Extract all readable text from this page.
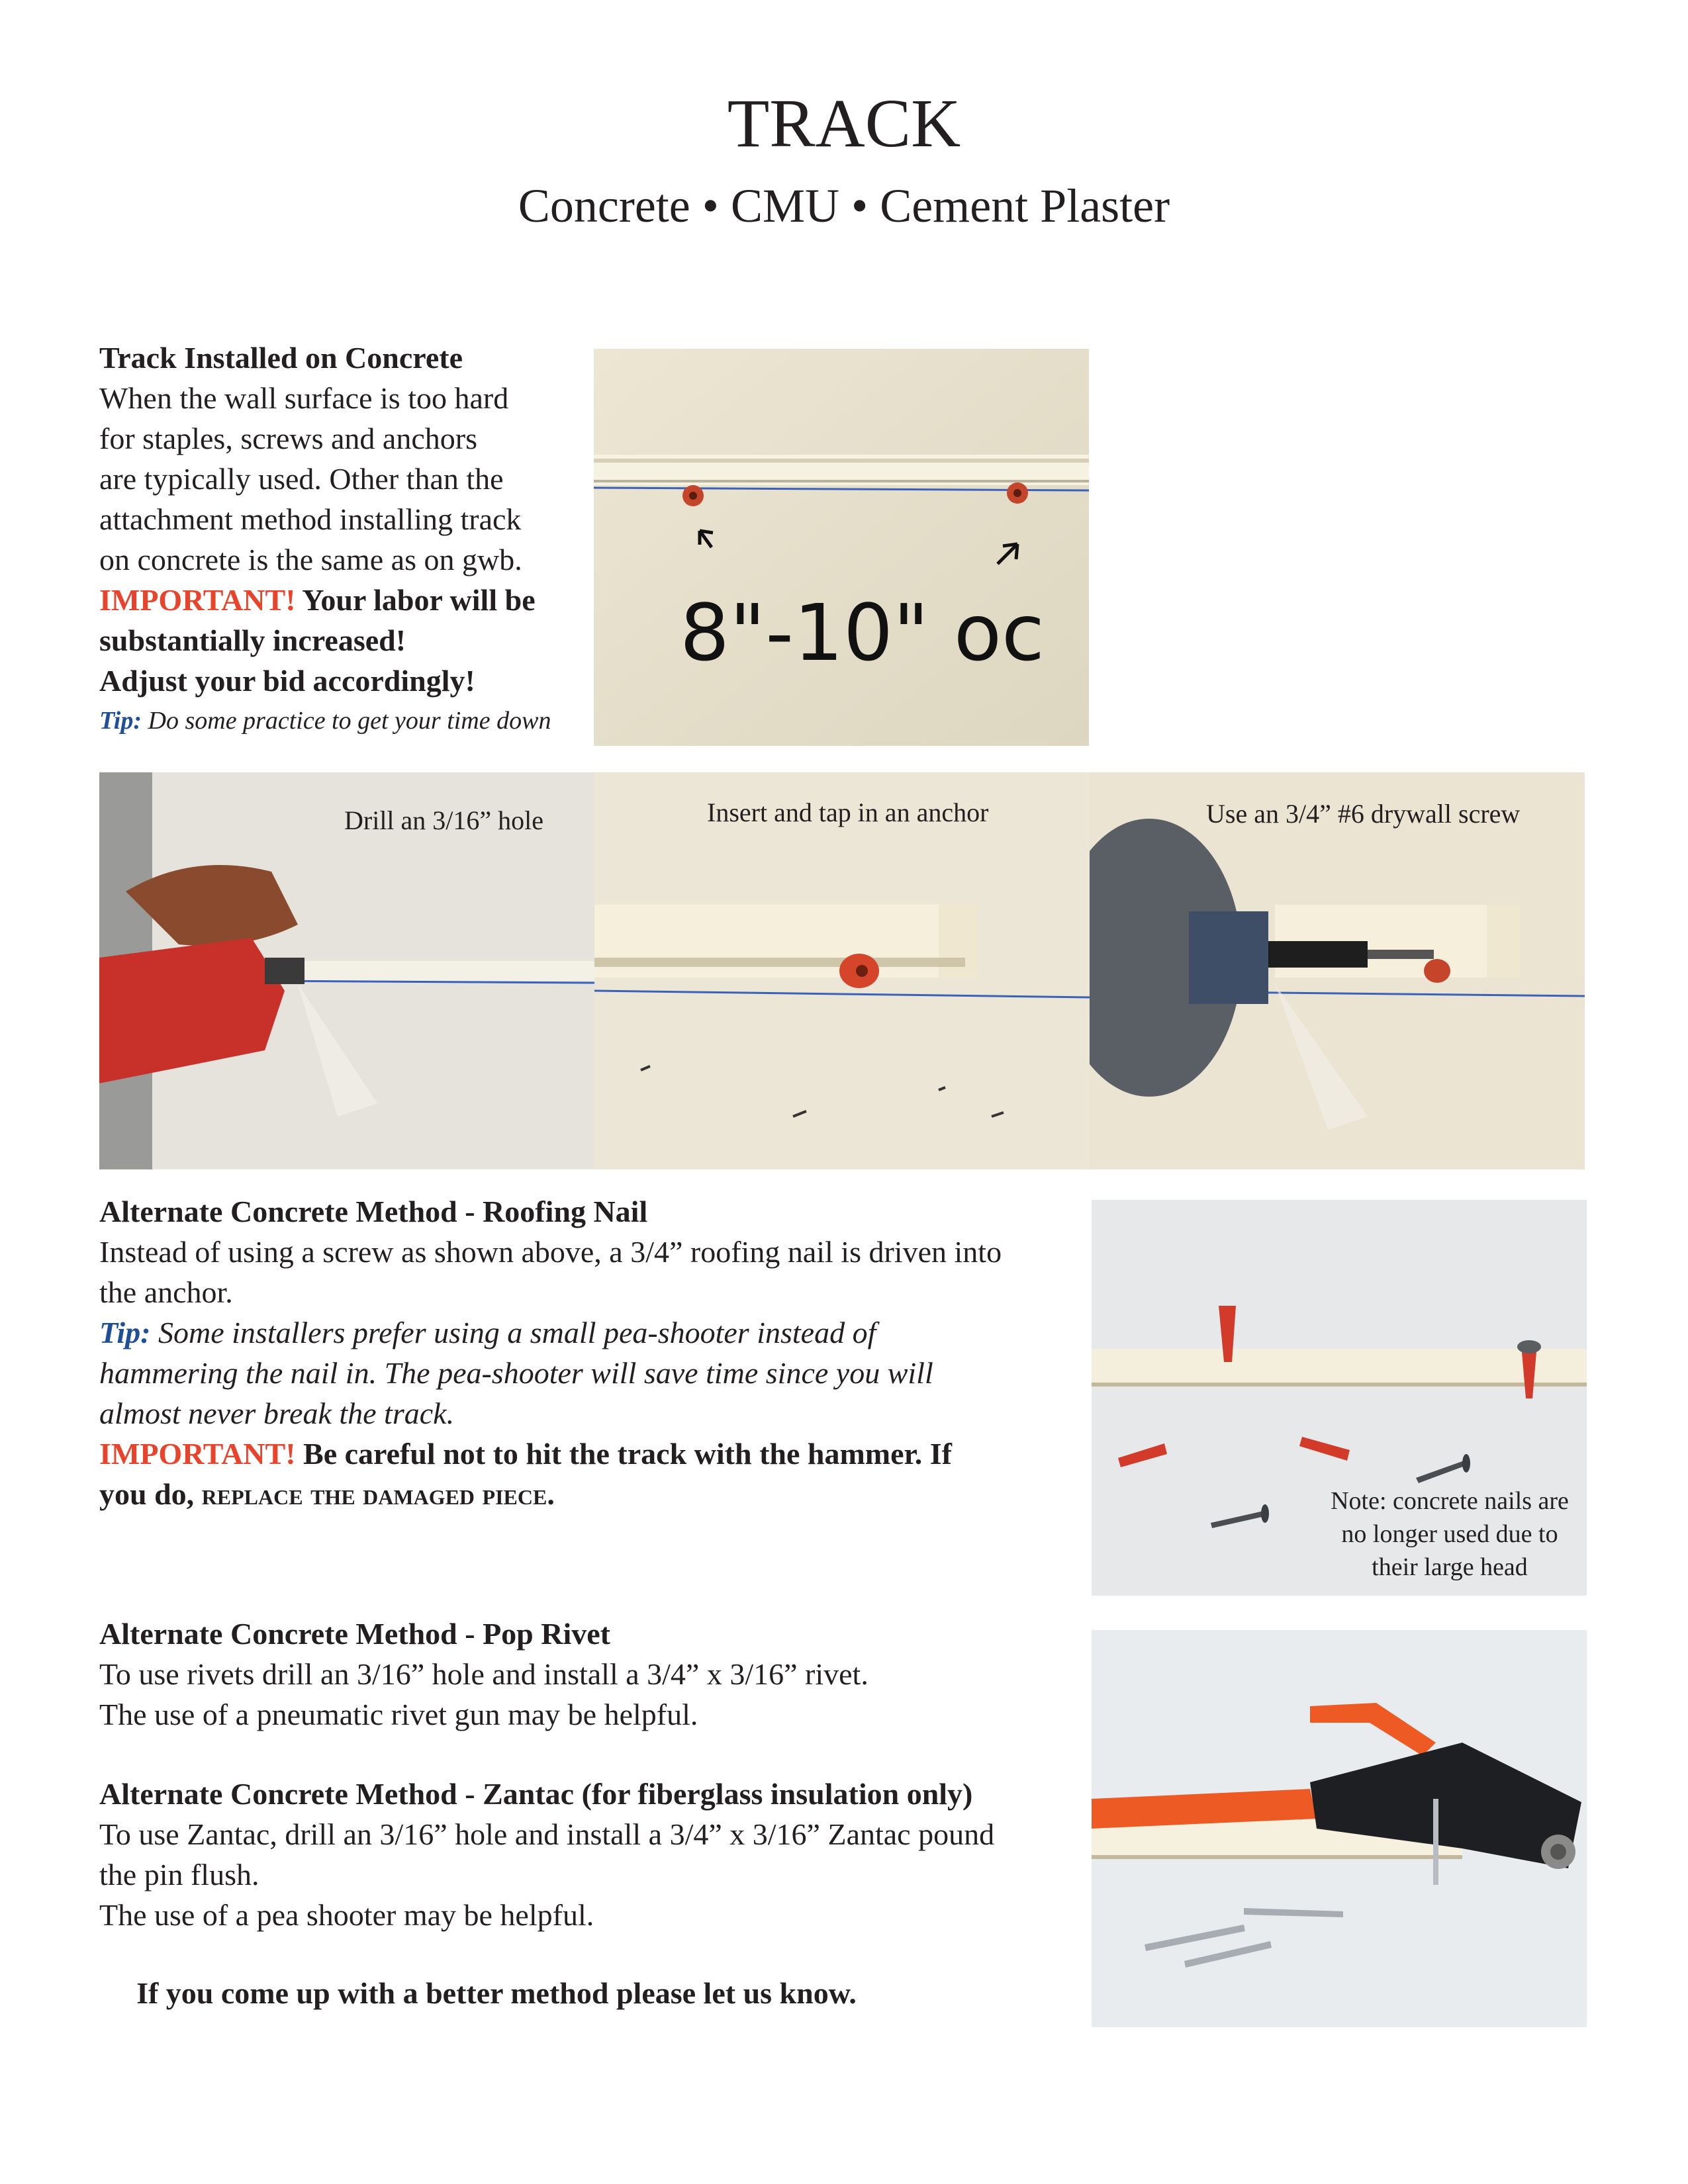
TRACK
Concrete • CMU • Cement Plaster

Track Installed on Concrete

When the wall surface is too hard

for staples, screws and anchors

are typically used. Other than the

attachment method installing track

on concrete is the same as on gwb.

IMPORTANT! Your labor will be

substantially increased!

Adjust your bid accordingly!

Tip: Do some practice to get your time down

8"-10" oc
Drill an 3/16” hole	Insert and tap in an anchor	Use an 3/4” #6 drywall screw

Alternate Concrete Method - Roofing Nail

Instead of using a screw as shown above, a 3/4” roofing nail is driven into

the anchor.

Tip: Some installers prefer using a small pea-shooter instead of

hammering the nail in. The pea-shooter will save time since you will

almost never break the track.

IMPORTANT! Be careful not to hit the track with the hammer. If

you do, replace the damaged piece.	Note: concrete nails are
no longer used due to
their large head

Alternate Concrete Method - Pop Rivet

To use rivets drill an 3/16” hole and install a 3/4” x 3/16” rivet.

The use of a pneumatic rivet gun may be helpful.

Alternate Concrete Method - Zantac (for fiberglass insulation only)

To use Zantac, drill an 3/16” hole and install a 3/4” x 3/16” Zantac pound

the pin flush.

The use of a pea shooter may be helpful.

If you come up with a better method please let us know.
